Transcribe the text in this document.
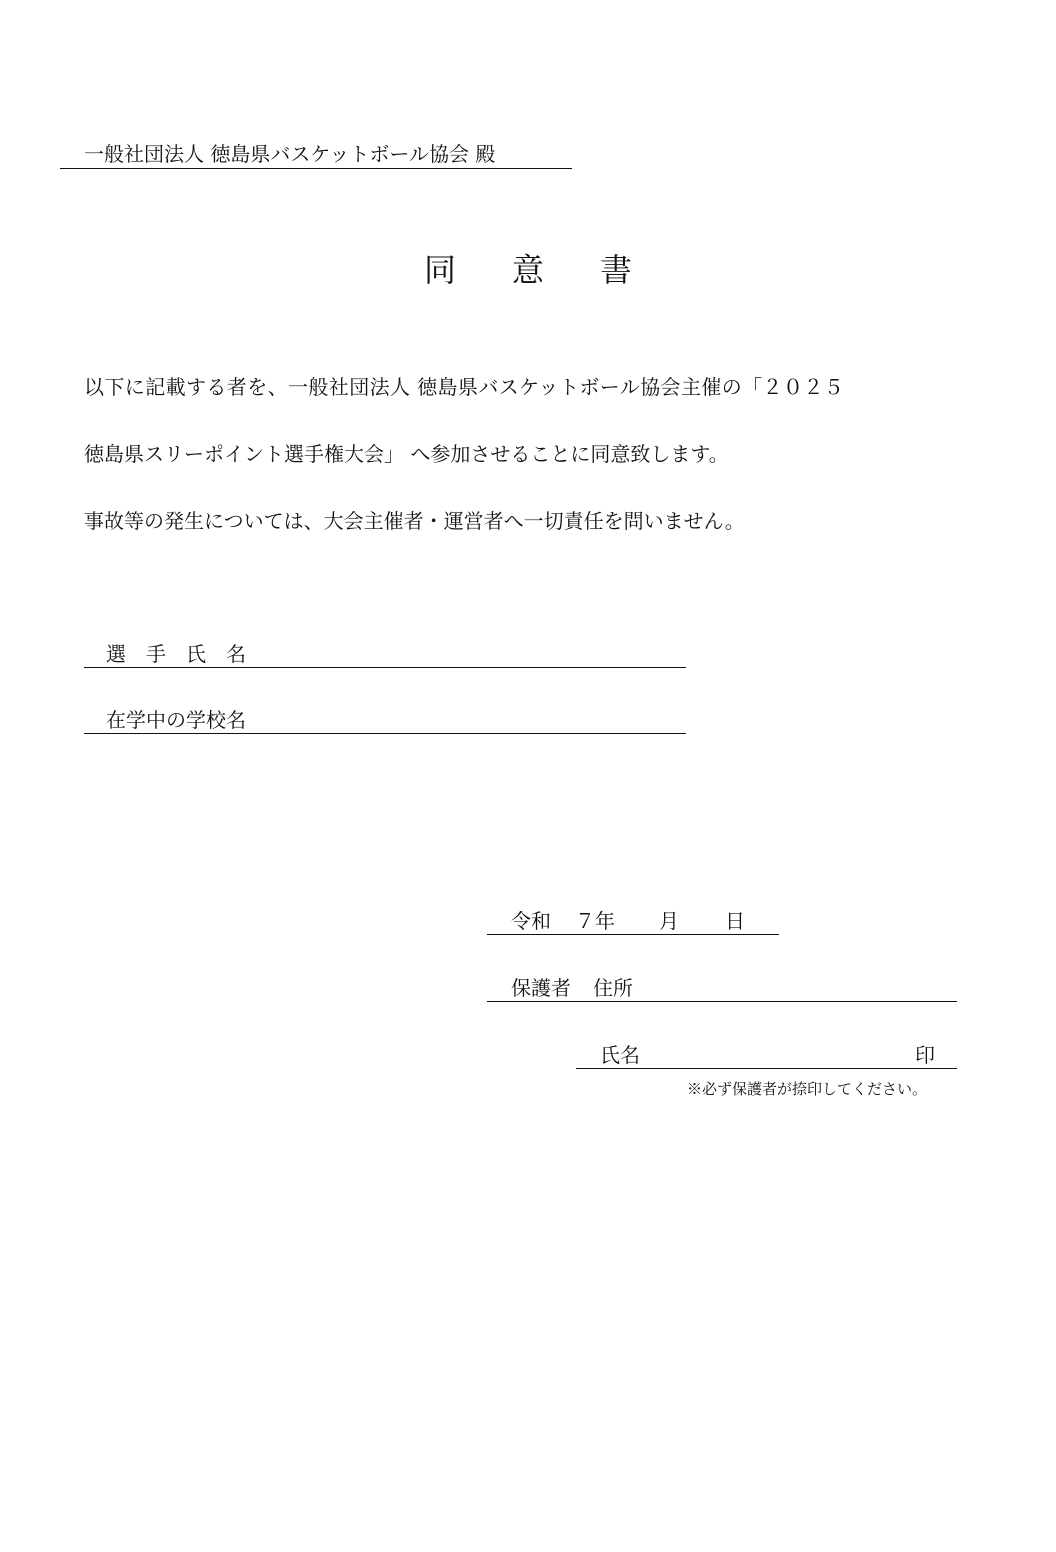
一般社団法人 徳島県バスケットボール協会 殿
同 意 書
以下に記載する者を、一般社団法人 徳島県バスケットボール協会主催の「２０２５
徳島県スリーポイント選手権大会」 へ参加させることに同意致します。
事故等の発生については、大会主催者・運営者へ一切責任を問いません。
選 手 氏 名
在学中の学校名
令和 ７年 月 日
保護者 住所
氏名	印
※必ず保護者が捺印してください。
